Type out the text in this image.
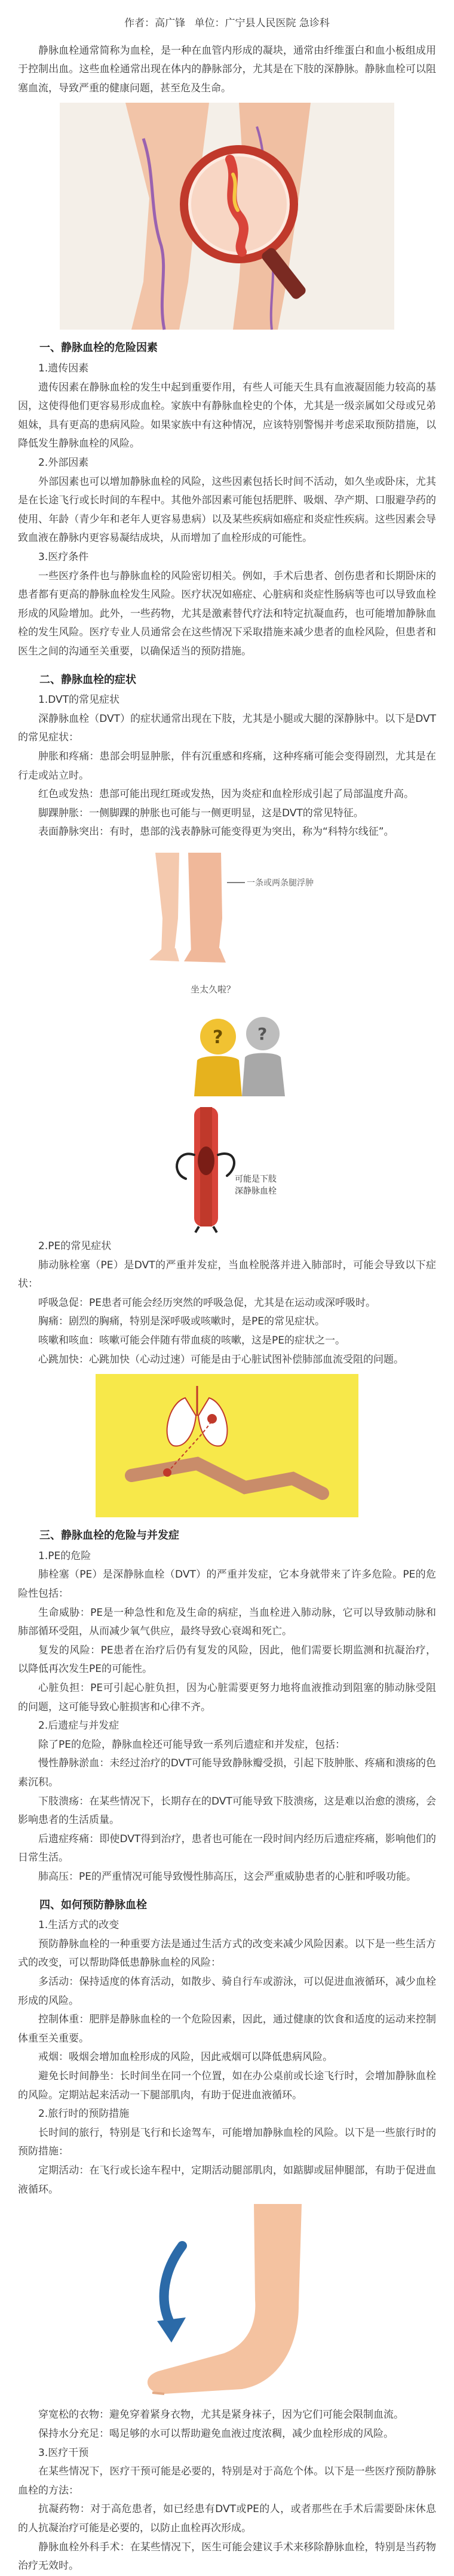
作者：高广锋 单位：广宁县人民医院 急诊科

静脉血栓通常简称为血栓，是一种在血管内形成的凝块，通常由纤维蛋白和血小板组成用于控制出血。这些血栓通常出现在体内的静脉部分，尤其是在下肢的深静脉。静脉血栓可以阻塞血流，导致严重的健康问题，甚至危及生命。

一、静脉血栓的危险因素

1.遗传因素

遗传因素在静脉血栓的发生中起到重要作用，有些人可能天生具有血液凝固能力较高的基因，这使得他们更容易形成血栓。家族中有静脉血栓史的个体，尤其是一级亲属如父母或兄弟姐妹，具有更高的患病风险。如果家族中有这种情况，应该特别警惕并考虑采取预防措施，以降低发生静脉血栓的风险。

2.外部因素

外部因素也可以增加静脉血栓的风险，这些因素包括长时间不活动，如久坐或卧床，尤其是在长途飞行或长时间的车程中。其他外部因素可能包括肥胖、吸烟、孕产期、口服避孕药的使用、年龄（青少年和老年人更容易患病）以及某些疾病如癌症和炎症性疾病。这些因素会导致血液在静脉内更容易凝结成块，从而增加了血栓形成的可能性。

3.医疗条件

一些医疗条件也与静脉血栓的风险密切相关。例如，手术后患者、创伤患者和长期卧床的患者都有更高的静脉血栓发生风险。医疗状况如癌症、心脏病和炎症性肠病等也可以导致血栓形成的风险增加。此外，一些药物，尤其是激素替代疗法和特定抗凝血药，也可能增加静脉血栓的发生风险。医疗专业人员通常会在这些情况下采取措施来减少患者的血栓风险，但患者和医生之间的沟通至关重要，以确保适当的预防措施。

二、静脉血栓的症状

1.DVT的常见症状

深静脉血栓（DVT）的症状通常出现在下肢，尤其是小腿或大腿的深静脉中。以下是DVT的常见症状：

肿胀和疼痛：患部会明显肿胀，伴有沉重感和疼痛，这种疼痛可能会变得剧烈，尤其是在行走或站立时。

红色或发热：患部可能出现红斑或发热，因为炎症和血栓形成引起了局部温度升高。

脚踝肿胀：一侧脚踝的肿胀也可能与一侧更明显，这是DVT的常见特征。

表面静脉突出：有时，患部的浅表静脉可能变得更为突出，称为“科特尔线征”。

一条或两条腿浮肿
坐太久啦？
? ?
可能是下肢
深静脉血栓

2.PE的常见症状

肺动脉栓塞（PE）是DVT的严重并发症，当血栓脱落并进入肺部时，可能会导致以下症状：

呼吸急促：PE患者可能会经历突然的呼吸急促，尤其是在运动或深呼吸时。

胸痛：剧烈的胸痛，特别是深呼吸或咳嗽时，是PE的常见症状。

咳嗽和咳血：咳嗽可能会伴随有带血痰的咳嗽，这是PE的症状之一。

心跳加快：心跳加快（心动过速）可能是由于心脏试图补偿肺部血流受阻的问题。

三、静脉血栓的危险与并发症

1.PE的危险

肺栓塞（PE）是深静脉血栓（DVT）的严重并发症，它本身就带来了许多危险。PE的危险性包括：

生命威胁：PE是一种急性和危及生命的病症，当血栓进入肺动脉，它可以导致肺动脉和肺部循环受阻，从而减少氧气供应，最终导致心衰竭和死亡。

复发的风险：PE患者在治疗后仍有复发的风险，因此，他们需要长期监测和抗凝治疗，以降低再次发生PE的可能性。

心脏负担：PE可引起心脏负担，因为心脏需要更努力地将血液推动到阻塞的肺动脉受阻的问题，这可能导致心脏损害和心律不齐。

2.后遗症与并发症

除了PE的危险，静脉血栓还可能导致一系列后遗症和并发症，包括：

慢性静脉淤血：未经过治疗的DVT可能导致静脉瓣受损，引起下肢肿胀、疼痛和溃疡的色素沉积。

下肢溃疡：在某些情况下，长期存在的DVT可能导致下肢溃疡，这是难以治愈的溃疡，会影响患者的生活质量。

后遗症疼痛：即使DVT得到治疗，患者也可能在一段时间内经历后遗症疼痛，影响他们的日常生活。

肺高压：PE的严重情况可能导致慢性肺高压，这会严重威胁患者的心脏和呼吸功能。

四、如何预防静脉血栓

1.生活方式的改变

预防静脉血栓的一种重要方法是通过生活方式的改变来减少风险因素。以下是一些生活方式的改变，可以帮助降低患静脉血栓的风险：

多活动：保持适度的体育活动，如散步、骑自行车或游泳，可以促进血液循环，减少血栓形成的风险。

控制体重：肥胖是静脉血栓的一个危险因素，因此，通过健康的饮食和适度的运动来控制体重至关重要。

戒烟：吸烟会增加血栓形成的风险，因此戒烟可以降低患病风险。

避免长时间静坐：长时间坐在同一个位置，如在办公桌前或长途飞行时，会增加静脉血栓的风险。定期站起来活动一下腿部肌肉，有助于促进血液循环。

2.旅行时的预防措施

长时间的旅行，特别是飞行和长途驾车，可能增加静脉血栓的风险。以下是一些旅行时的预防措施：

定期活动：在飞行或长途车程中，定期活动腿部肌肉，如踮脚或屈伸腿部，有助于促进血液循环。

穿宽松的衣物：避免穿着紧身衣物，尤其是紧身袜子，因为它们可能会限制血流。

保持水分充足：喝足够的水可以帮助避免血液过度浓稠，减少血栓形成的风险。

3.医疗干预

在某些情况下，医疗干预可能是必要的，特别是对于高危个体。以下是一些医疗预防静脉血栓的方法：

抗凝药物：对于高危患者，如已经患有DVT或PE的人，或者那些在手术后需要卧床休息的人抗凝治疗可能是必要的，以防止血栓再次形成。

静脉血栓外科手术：在某些情况下，医生可能会建议手术来移除静脉血栓，特别是当药物治疗无效时。
